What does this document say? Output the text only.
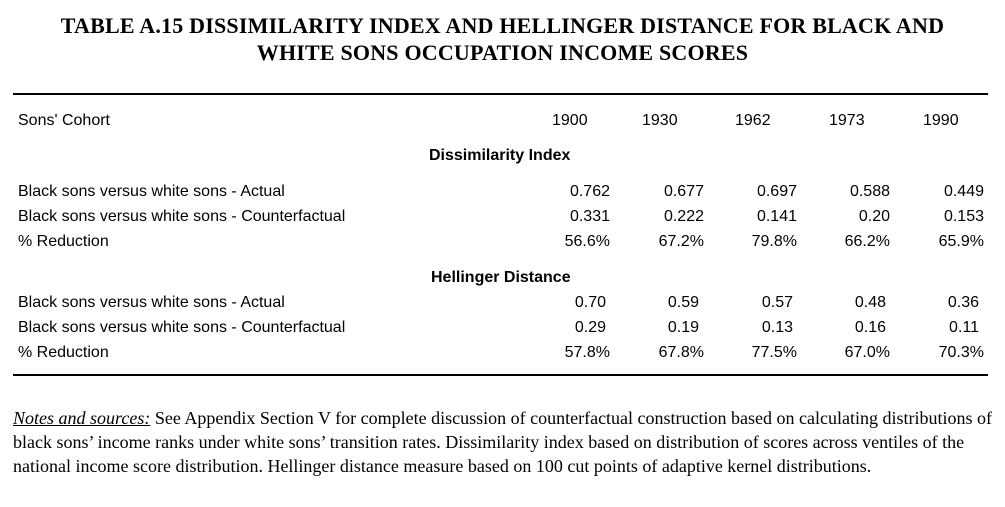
TABLE A.15 DISSIMILARITY INDEX AND HELLINGER DISTANCE FOR BLACK AND
WHITE SONS OCCUPATION INCOME SCORES
Sons' Cohort	1900	1930	1962	1973	1990
Dissimilarity Index
Black sons versus white sons - Actual	0.762	0.677	0.697	0.588	0.449
Black sons versus white sons - Counterfactual	0.331	0.222	0.141	0.20	0.153
% Reduction	56.6%	67.2%	79.8%	66.2%	65.9%
Hellinger Distance
Black sons versus white sons - Actual	0.70	0.59	0.57	0.48	0.36
Black sons versus white sons - Counterfactual	0.29	0.19	0.13	0.16	0.11
% Reduction	57.8%	67.8%	77.5%	67.0%	70.3%
Notes and sources: See Appendix Section V for complete discussion of counterfactual construction based on calculating distributions of black sons’ income ranks under white sons’ transition rates. Dissimilarity index based on distribution of scores across ventiles of the national income score distribution. Hellinger distance measure based on 100 cut points of adaptive kernel distributions.
